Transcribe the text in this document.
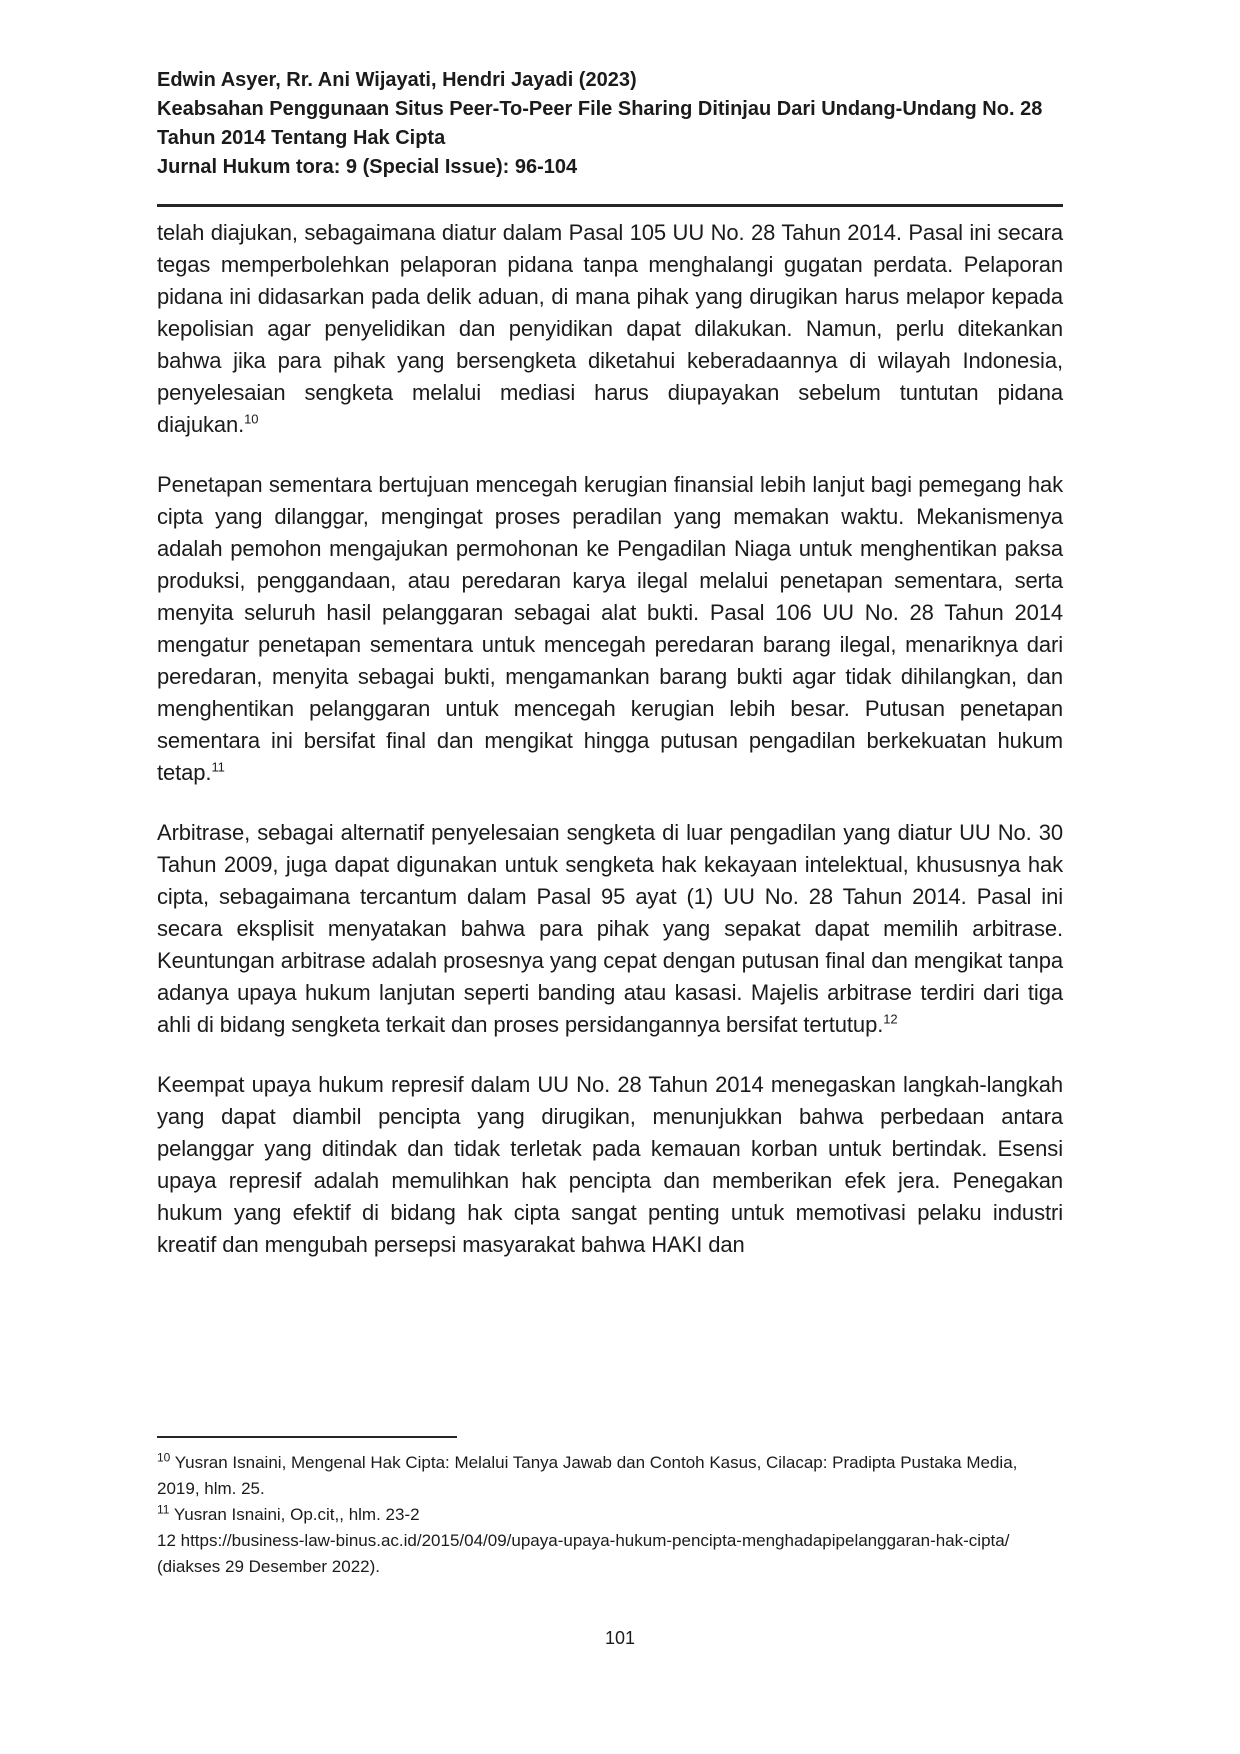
Edwin Asyer, Rr. Ani Wijayati, Hendri Jayadi (2023)
Keabsahan Penggunaan Situs Peer-To-Peer File Sharing Ditinjau Dari Undang-Undang No. 28 Tahun 2014 Tentang Hak Cipta
Jurnal Hukum tora: 9 (Special Issue): 96-104

telah diajukan, sebagaimana diatur dalam Pasal 105 UU No. 28 Tahun 2014. Pasal ini secara tegas memperbolehkan pelaporan pidana tanpa menghalangi gugatan perdata. Pelaporan pidana ini didasarkan pada delik aduan, di mana pihak yang dirugikan harus melapor kepada kepolisian agar penyelidikan dan penyidikan dapat dilakukan. Namun, perlu ditekankan bahwa jika para pihak yang bersengketa diketahui keberadaannya di wilayah Indonesia, penyelesaian sengketa melalui mediasi harus diupayakan sebelum tuntutan pidana diajukan.$^{10}$

Penetapan sementara bertujuan mencegah kerugian finansial lebih lanjut bagi pemegang hak cipta yang dilanggar, mengingat proses peradilan yang memakan waktu. Mekanismenya adalah pemohon mengajukan permohonan ke Pengadilan Niaga untuk menghentikan paksa produksi, penggandaan, atau peredaran karya ilegal melalui penetapan sementara, serta menyita seluruh hasil pelanggaran sebagai alat bukti. Pasal 106 UU No. 28 Tahun 2014 mengatur penetapan sementara untuk mencegah peredaran barang ilegal, menariknya dari peredaran, menyita sebagai bukti, mengamankan barang bukti agar tidak dihilangkan, dan menghentikan pelanggaran untuk mencegah kerugian lebih besar. Putusan penetapan sementara ini bersifat final dan mengikat hingga putusan pengadilan berkekuatan hukum tetap.$^{11}$

Arbitrase, sebagai alternatif penyelesaian sengketa di luar pengadilan yang diatur UU No. 30 Tahun 2009, juga dapat digunakan untuk sengketa hak kekayaan intelektual, khususnya hak cipta, sebagaimana tercantum dalam Pasal 95 ayat (1) UU No. 28 Tahun 2014. Pasal ini secara eksplisit menyatakan bahwa para pihak yang sepakat dapat memilih arbitrase. Keuntungan arbitrase adalah prosesnya yang cepat dengan putusan final dan mengikat tanpa adanya upaya hukum lanjutan seperti banding atau kasasi. Majelis arbitrase terdiri dari tiga ahli di bidang sengketa terkait dan proses persidangannya bersifat tertutup.$^{12}$

Keempat upaya hukum represif dalam UU No. 28 Tahun 2014 menegaskan langkah-langkah yang dapat diambil pencipta yang dirugikan, menunjukkan bahwa perbedaan antara pelanggar yang ditindak dan tidak terletak pada kemauan korban untuk bertindak. Esensi upaya represif adalah memulihkan hak pencipta dan memberikan efek jera. Penegakan hukum yang efektif di bidang hak cipta sangat penting untuk memotivasi pelaku industri kreatif dan mengubah persepsi masyarakat bahwa HAKI dan

$^{10}$ Yusran Isnaini, Mengenal Hak Cipta: Melalui Tanya Jawab dan Contoh Kasus, Cilacap: Pradipta Pustaka Media, 2019, hlm. 25.
$^{11}$ Yusran Isnaini, Op.cit,, hlm. 23-2
12 https://business-law-binus.ac.id/2015/04/09/upaya-upaya-hukum-pencipta-menghadapipelanggaran-hak-cipta/ (diakses 29 Desember 2022).
101
